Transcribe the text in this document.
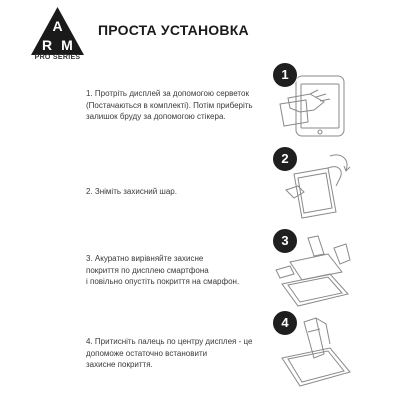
A
R M
PRO SERIES
ПРОСТА УСТАНОВКА
1. Протріть дисплей за допомогою серветок
(Постачаються в комплекті). Потім приберіть
залишок бруду за допомогою стікера.
1
2. Зніміть захисний шар.
2
3. Акуратно вирівняйте захисне
покриття по дисплею смартфона
і повільно опустіть покриття на смарфон.
3
4. Притисніть палець по центру дисплея - це
допоможе остаточно встановити
захисне покриття.
4
